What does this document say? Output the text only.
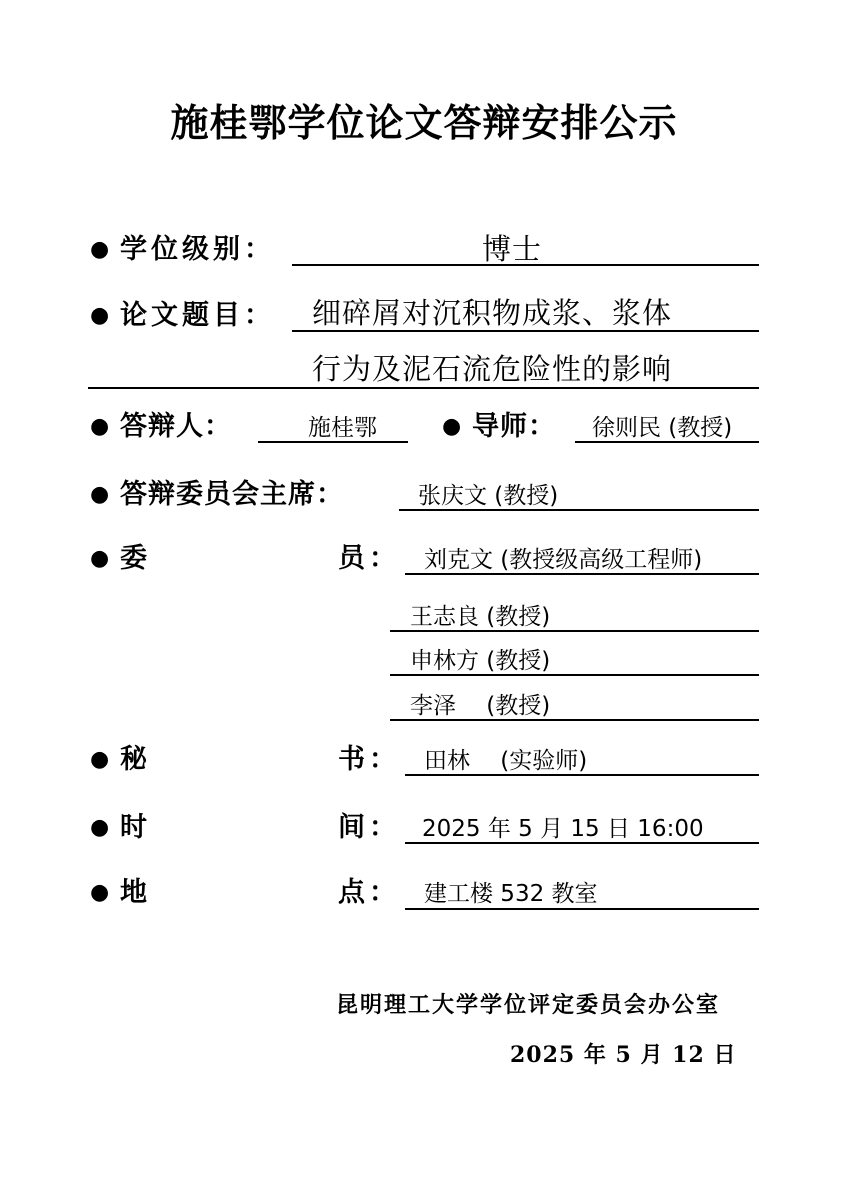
施桂鄂学位论文答辩安排公示
● 学位级别：	博士
● 论文题目： 细碎屑对沉积物成浆、浆体
行为及泥石流危险性的影响
● 答辩人：	施桂鄂	● 导师： 徐则民 (教授)
● 答辩委员会主席：	张庆文 (教授)
● 委	员： 刘克文 (教授级高级工程师)
王志良 (教授)
申林方 (教授)
李泽　 (教授)
● 秘	书： 田林　 (实验师)
● 时	间： 2025 年 5 月 15 日 16:00
● 地	点： 建工楼 532 教室
昆明理工大学学位评定委员会办公室
2025 年 5 月 12 日
